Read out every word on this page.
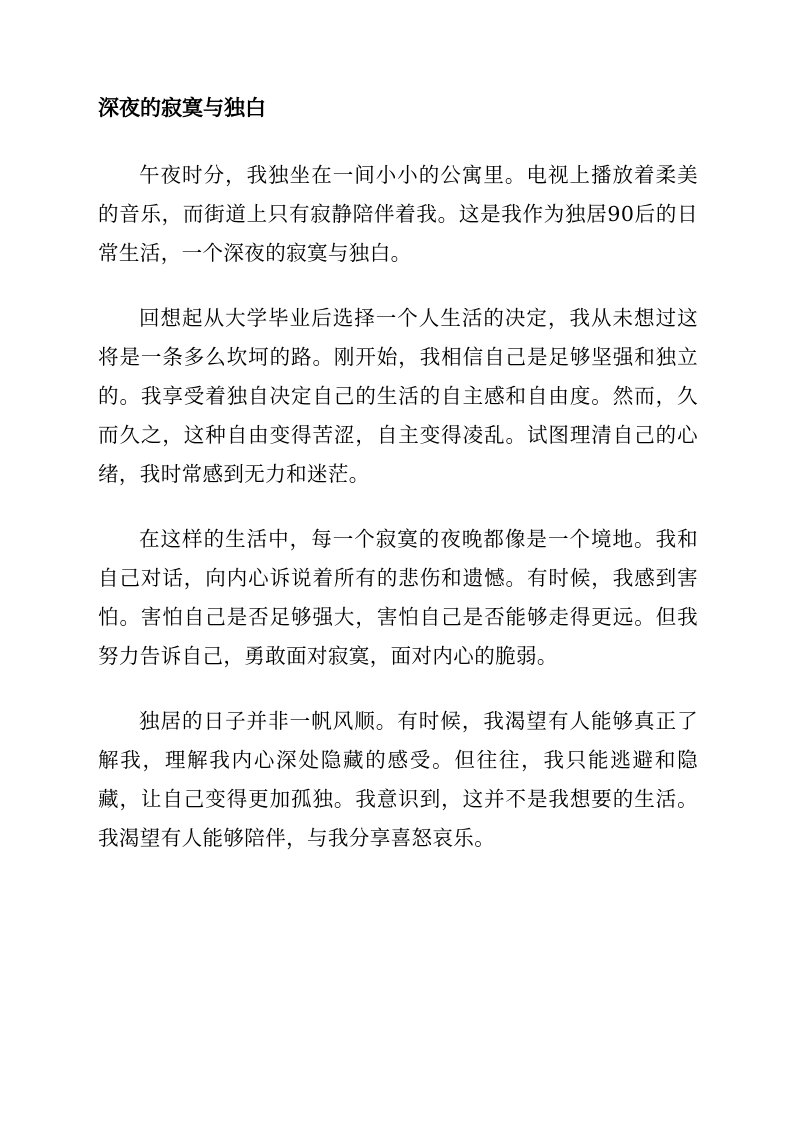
深夜的寂寞与独白

午夜时分，我独坐在一间小小的公寓里。电视上播放着柔美的音乐，而街道上只有寂静陪伴着我。这是我作为独居90后的日常生活，一个深夜的寂寞与独白。

回想起从大学毕业后选择一个人生活的决定，我从未想过这将是一条多么坎坷的路。刚开始，我相信自己是足够坚强和独立的。我享受着独自决定自己的生活的自主感和自由度。然而，久而久之，这种自由变得苦涩，自主变得凌乱。试图理清自己的心绪，我时常感到无力和迷茫。

在这样的生活中，每一个寂寞的夜晚都像是一个境地。我和自己对话，向内心诉说着所有的悲伤和遗憾。有时候，我感到害怕。害怕自己是否足够强大，害怕自己是否能够走得更远。但我努力告诉自己，勇敢面对寂寞，面对内心的脆弱。

独居的日子并非一帆风顺。有时候，我渴望有人能够真正了解我，理解我内心深处隐藏的感受。但往往，我只能逃避和隐藏，让自己变得更加孤独。我意识到，这并不是我想要的生活。我渴望有人能够陪伴，与我分享喜怒哀乐。
